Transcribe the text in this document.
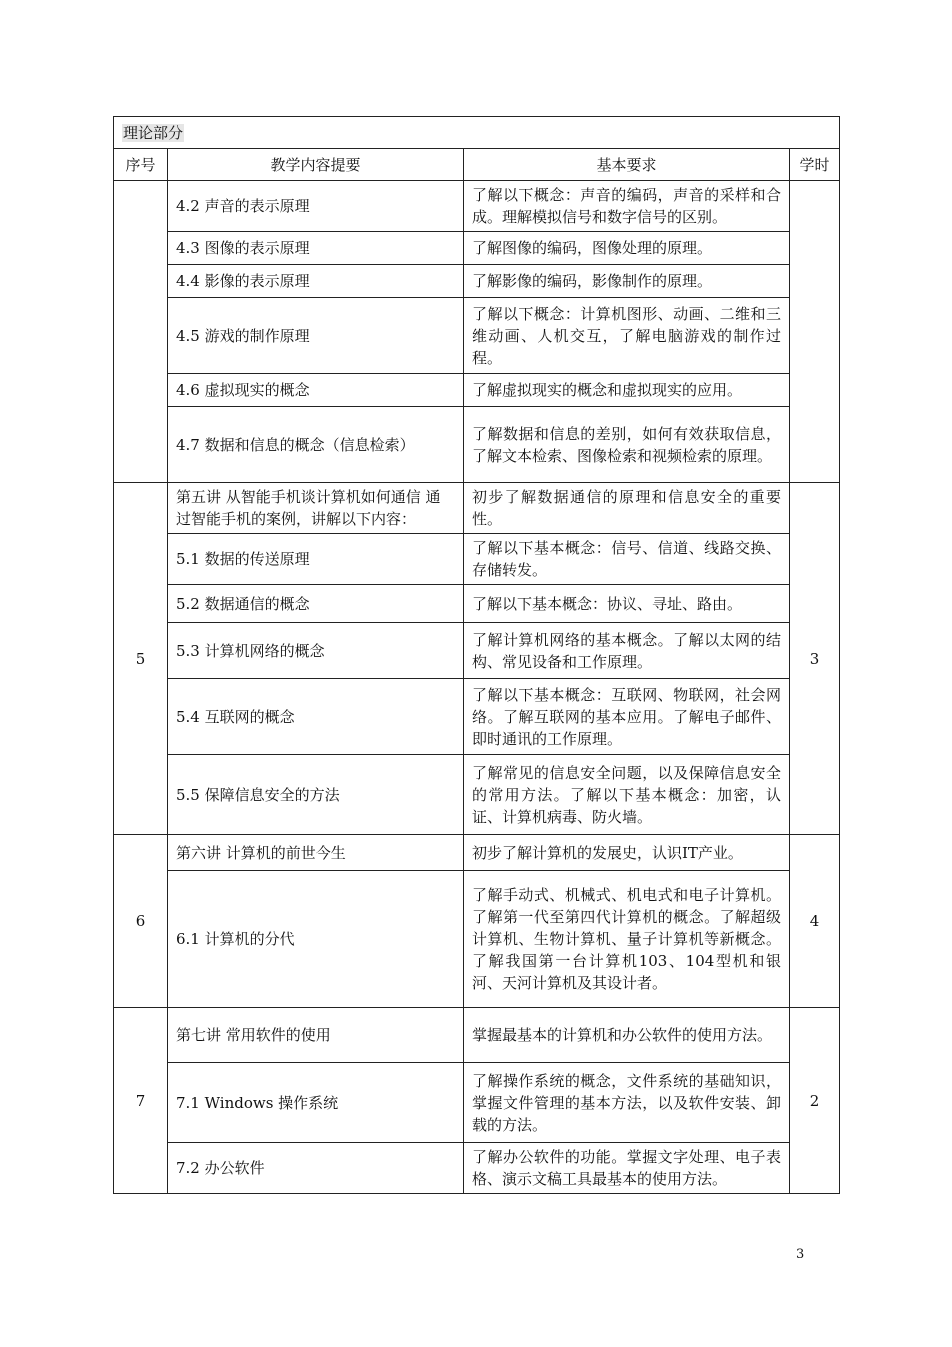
理论部分			
序号	教学内容提要	基本要求	学时
	4.2 声音的表示原理	了解以下概念：声音的编码，声音的采样和合成。理解模拟信号和数字信号的区别。	
	4.3 图像的表示原理	了解图像的编码，图像处理的原理。	
	4.4 影像的表示原理	了解影像的编码，影像制作的原理。	
	4.5 游戏的制作原理	了解以下概念：计算机图形、动画、二维和三维动画、人机交互，了解电脑游戏的制作过程。	
	4.6 虚拟现实的概念	了解虚拟现实的概念和虚拟现实的应用。	
	4.7 数据和信息的概念（信息检索）	了解数据和信息的差别，如何有效获取信息，了解文本检索、图像检索和视频检索的原理。	
5	第五讲 从智能手机谈计算机如何通信 通过智能手机的案例，讲解以下内容：	初步了解数据通信的原理和信息安全的重要性。	3
	5.1 数据的传送原理	了解以下基本概念：信号、信道、线路交换、存储转发。	
	5.2 数据通信的概念	了解以下基本概念：协议、寻址、路由。	
	5.3 计算机网络的概念	了解计算机网络的基本概念。了解以太网的结构、常见设备和工作原理。	
	5.4 互联网的概念	了解以下基本概念：互联网、物联网，社会网络。了解互联网的基本应用。了解电子邮件、即时通讯的工作原理。	
	5.5 保障信息安全的方法	了解常见的信息安全问题，以及保障信息安全的常用方法。了解以下基本概念：加密，认证、计算机病毒、防火墙。	
6	第六讲 计算机的前世今生	初步了解计算机的发展史，认识IT产业。	4
	6.1 计算机的分代	了解手动式、机械式、机电式和电子计算机。了解第一代至第四代计算机的概念。了解超级计算机、生物计算机、量子计算机等新概念。了解我国第一台计算机103、104型机和银河、天河计算机及其设计者。	
7	第七讲 常用软件的使用	掌握最基本的计算机和办公软件的使用方法。	2
	7.1 Windows 操作系统	了解操作系统的概念，文件系统的基础知识，掌握文件管理的基本方法，以及软件安装、卸载的方法。	
	7.2 办公软件	了解办公软件的功能。掌握文字处理、电子表格、演示文稿工具最基本的使用方法。	
3
